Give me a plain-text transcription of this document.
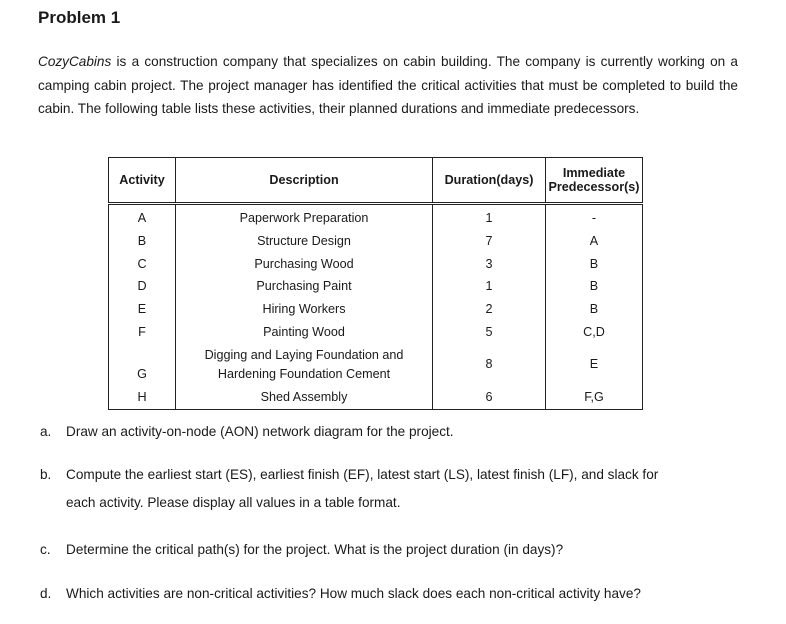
Problem 1
CozyCabins is a construction company that specializes on cabin building. The company is currently working on a camping cabin project. The project manager has identified the critical activities that must be completed to build the cabin. The following table lists these activities, their planned durations and immediate predecessors.
Activity	Description	Duration(days)	Immediate
Predecessor(s)
A	Paperwork Preparation	1	-
B	Structure Design	7	A
C	Purchasing Wood	3	B
D	Purchasing Paint	1	B
E	Hiring Workers	2	B
F	Painting Wood	5	C,D
G	Digging and Laying Foundation and
Hardening Foundation Cement	8	E
H	Shed Assembly	6	F,G
a. Draw an activity-on-node (AON) network diagram for the project.
b. Compute the earliest start (ES), earliest finish (EF), latest start (LS), latest finish (LF), and slack for
each activity. Please display all values in a table format.
c. Determine the critical path(s) for the project. What is the project duration (in days)?
d. Which activities are non-critical activities? How much slack does each non-critical activity have?
